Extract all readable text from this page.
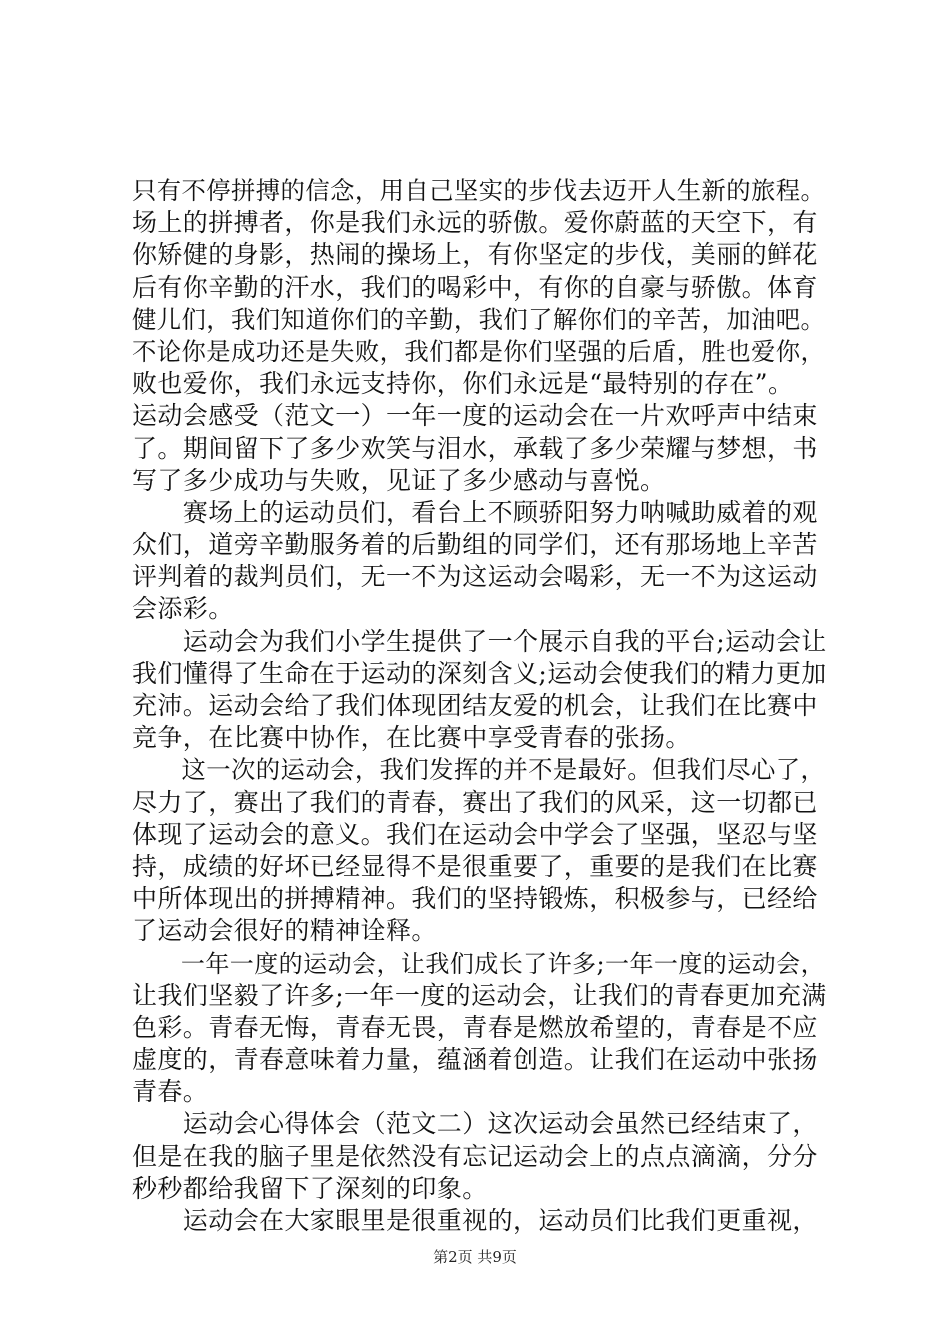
只有不停拼搏的信念，用自己坚实的步伐去迈开人生新的旅程。
场上的拼搏者，你是我们永远的骄傲。爱你蔚蓝的天空下，有
你矫健的身影，热闹的操场上，有你坚定的步伐，美丽的鲜花
后有你辛勤的汗水，我们的喝彩中，有你的自豪与骄傲。体育
健儿们，我们知道你们的辛勤，我们了解你们的辛苦，加油吧。
不论你是成功还是失败，我们都是你们坚强的后盾，胜也爱你，
败也爱你，我们永远支持你，你们永远是“最特别的存在”。
运动会感受（范文一）一年一度的运动会在一片欢呼声中结束
了。期间留下了多少欢笑与泪水，承载了多少荣耀与梦想，书
写了多少成功与失败，见证了多少感动与喜悦。
　　赛场上的运动员们，看台上不顾骄阳努力呐喊助威着的观
众们，道旁辛勤服务着的后勤组的同学们，还有那场地上辛苦
评判着的裁判员们，无一不为这运动会喝彩，无一不为这运动
会添彩。
　　运动会为我们小学生提供了一个展示自我的平台;运动会让
我们懂得了生命在于运动的深刻含义;运动会使我们的精力更加
充沛。运动会给了我们体现团结友爱的机会，让我们在比赛中
竞争，在比赛中协作，在比赛中享受青春的张扬。
　　这一次的运动会，我们发挥的并不是最好。但我们尽心了，
尽力了，赛出了我们的青春，赛出了我们的风采，这一切都已
体现了运动会的意义。我们在运动会中学会了坚强，坚忍与坚
持，成绩的好坏已经显得不是很重要了，重要的是我们在比赛
中所体现出的拼搏精神。我们的坚持锻炼，积极参与，已经给
了运动会很好的精神诠释。
　　一年一度的运动会，让我们成长了许多;一年一度的运动会，
让我们坚毅了许多;一年一度的运动会，让我们的青春更加充满
色彩。青春无悔，青春无畏，青春是燃放希望的，青春是不应
虚度的，青春意味着力量，蕴涵着创造。让我们在运动中张扬
青春。
　　运动会心得体会（范文二）这次运动会虽然已经结束了，
但是在我的脑子里是依然没有忘记运动会上的点点滴滴，分分
秒秒都给我留下了深刻的印象。
　　运动会在大家眼里是很重视的，运动员们比我们更重视，
第2页 共9页
